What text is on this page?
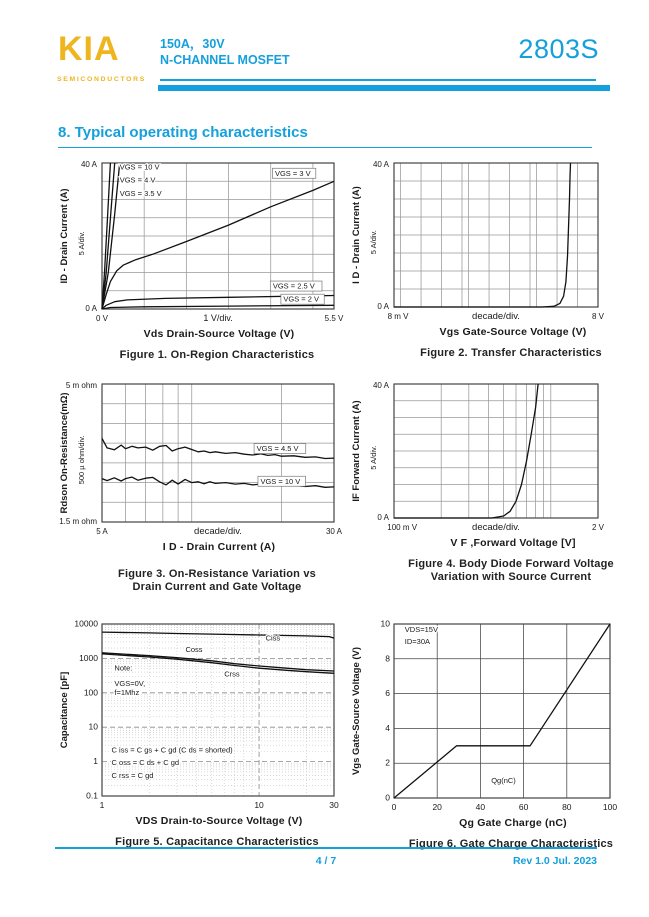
KIA
SEMICONDUCTORS
150A，30V
N-CHANNEL MOSFET	2803S
8. Typical operating characteristics
VGS = 10 V
VGS = 4 V
VGS = 3.5 V
VGS = 3 V
VGS = 2.5 V
VGS = 2 V
0 V	1 V/div.	5.5 V
40 A
0 A
ID - Drain Current (A) 5 A/div.
Vds Drain-Source Voltage (V)
Figure 1. On-Region Characteristics
8 m V	decade/div.	8 V
40 A
0 A
I D - Drain Current (A) 5 A/div.
Vgs Gate-Source Voltage (V)
Figure 2. Transfer Characteristics
VGS = 4.5 V
VGS = 10 V
5 A	decade/div.	30 A
5 m ohm
1.5 m ohm
Rdson On-Resistance(mΩ) 500 µ ohm/div.
I D - Drain Current (A)
Figure 3. On-Resistance Variation vs
Drain Current and Gate Voltage
100 m V	decade/div.	2 V
40 A
0 A
IF Forward Current (A) 5 A/div.
V F ,Forward Voltage [V]
Figure 4. Body Diode Forward Voltage
Variation with Source Current
Ciss
Coss
Crss
Note:
VGS=0V,
f=1Mhz
C iss = C gs + C gd (C ds = shorted)
C oss = C ds + C gd
C rss = C gd
1	10	30
10000
1000
100
10
1
0.1
Capacitance [pF]
VDS Drain-to-Source Voltage (V)
Figure 5. Capacitance Characteristics
VDS=15V
ID=30A
Qg(nC)
0	20	40	60	80	100
0
2
4
6
8
10
Vgs Gate-Source Voltage (V)
Qg Gate Charge (nC)
Figure 6. Gate Charge Characteristics
4 / 7	Rev 1.0 Jul. 2023
